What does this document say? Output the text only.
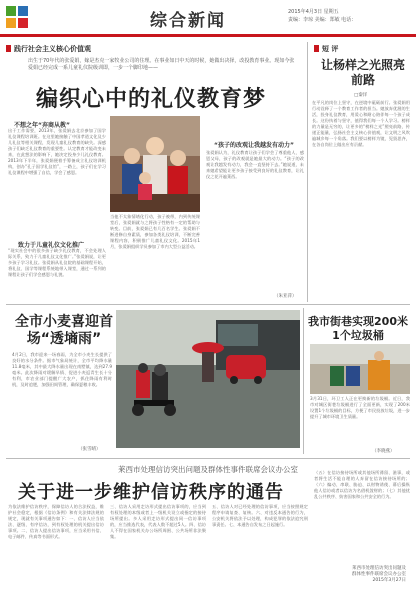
综合新闻	2015年4月3日 星期五
责编：李琼 美编：郑敏 电话：
践行社会主义核心价值观
出生于70年代的张爱娟，嫁是杰克一家牧业公司的住理。在事业如日中天的时候，她做出决择，改投教育事业。现如今张爱娟已经完成一系儿童礼仪院级训即，一步一个脚印地——
编织心中的礼仪教育梦
不想之年“弃商从教”
出于工作需要，2013年，张爱娟去北京参加了国学礼仪课程培训班。在这里她接触了中国孝道文化及少儿礼仪等相关课程，发现儿童礼仪教育的缺失。深感孩子们缺乏礼仪教育的重要性。认定教育才能改变未来，在此想法的影响下，她决定投身少儿礼仪教育。2013年下半年，张爱娟便着手筹备成立礼仪培训机构，创办“孔子国学礼仪馆”，一路上，孩子们在学习礼仪课程中增强了自信，学会了感恩。
致力于儿童礼仪文化推广
“现实社会中的很多孩子缺少礼仪教育，不会处理人际关系，致力于儿童礼仪文化推广。”张爱娟说，让更多孩子学习礼仪。张爱娟从礼仪院的基础课程开始，将礼仪、国学等课程系统地带入课堂，通过一系列的课程让孩子们学会感恩与礼貌。
当他不太象情绪化行动，孩子被带，内到传统课堂后，张爱娟就与之将孩子性格有一定的帮助与转变。目前，张爱娟已有几百名学生。张爱娟不断进修自身素质，参加各类礼仪培训，不断完善课程内容，积极推广儿童礼仪文化。2015年1月，张爱娟组织学员参加了市内大型公益活动。
“孩子的改观让我越发有动力”
张爱娟认为，礼仪教育让孩子们学会了尊重他人、感恩父母，孩子的改观就是她最大的动力。“孩子的改观让我越发有动力，我会一直坚持下去。”她说道，未来她希望能让更多孩子接受到良好的礼仪教育，让礼仪之花开遍莱西。
（朱亚萍）
短 评
让杨样之光照亮前路
□秦洋
在平凡的岗位上坚守，在逆境中砥砺前行。张爱娟用行动诠释了一个教育工作者的担当。她放弃优渥的生活，投身礼仪教育，用爱心和耐心陪伴每一个孩子成长。这份执着与坚守，值得我们每一个人学习。榜样的力量是无穷的，让更多的“榜样之光”照亮前路，传递正能量，弘扬社会主义核心价值观，让文明之风吹遍城乡每一个角落。我们要以榜样为镜，见贤思齐，在各自岗位上做出应有贡献。
全市小麦喜迎首场“透墒雨”
4月2日，我市迎来一场春雨，为全市小麦生长提供了良好的水分条件。据市气象局统计，全市平均降水量11.8毫米，其中最大降水量出现在南墅镇，达到27.9毫米。此次降雨对缓解旱情、促进小麦返青生长十分有利，市农业部门提醒广大农户，抓住降雨有利时机，及时追肥，加强田间管理，确保夏粮丰收。
（张雪晴）
我市街巷实现200米1个垃圾桶
3月31日，环卫工人正在更换新的垃圾桶。近日，我市对城区街巷垃圾桶进行了全面更新，实现了200米设置1个垃圾桶的目标，方便了市民投放垃圾，进一步提升了城市环境卫生质量。
（李晓燕）
莱西市处理信访突出问题及群体性事件联席会议办公室
关于进一步维护信访秩序的通告
为依法维护信访秩序，保障信访人的合法权益，维护社会稳定，根据《信访条例》和有关法律法规的规定，现就有关事项通告如下：一、信访人应当依法、逐级、有序信访，到有权处理的机关提出信访事项。二、信访人提出信访事项，应当采用书信、电子邮件、传真等书面形式。
三、信访人采用走访形式提出信访事项的，应当到有权处理的本级或者上一级机关设立或指定的接待场所提出。多人采用走访形式提出同一信访事项的，应当推选代表，代表人数不超过5人。四、信访人不得在国家机关办公场所周围、公共场所非法聚集。
五、信访人对已经处理的信访事项，应当按照规定程序申请复查、复核。六、对违反本通告的行为，公安机关将依法予以处理，构成犯罪的依法追究刑事责任。七、本通告自发布之日起施行。
（五）在信访接待场所或其他场所滞留、滋事，或者将生活不能自理的人弃留在信访接待场所的；（六）煽动、串联、胁迫、以财物诱使、幕后操纵他人信访或者以信访为名借机敛财的；（七）其他扰乱公共秩序、妨害国家和公共安全的行为。
莱西市处理信访突出问题及
群体性事件联席会议办公室
2015年3月27日
